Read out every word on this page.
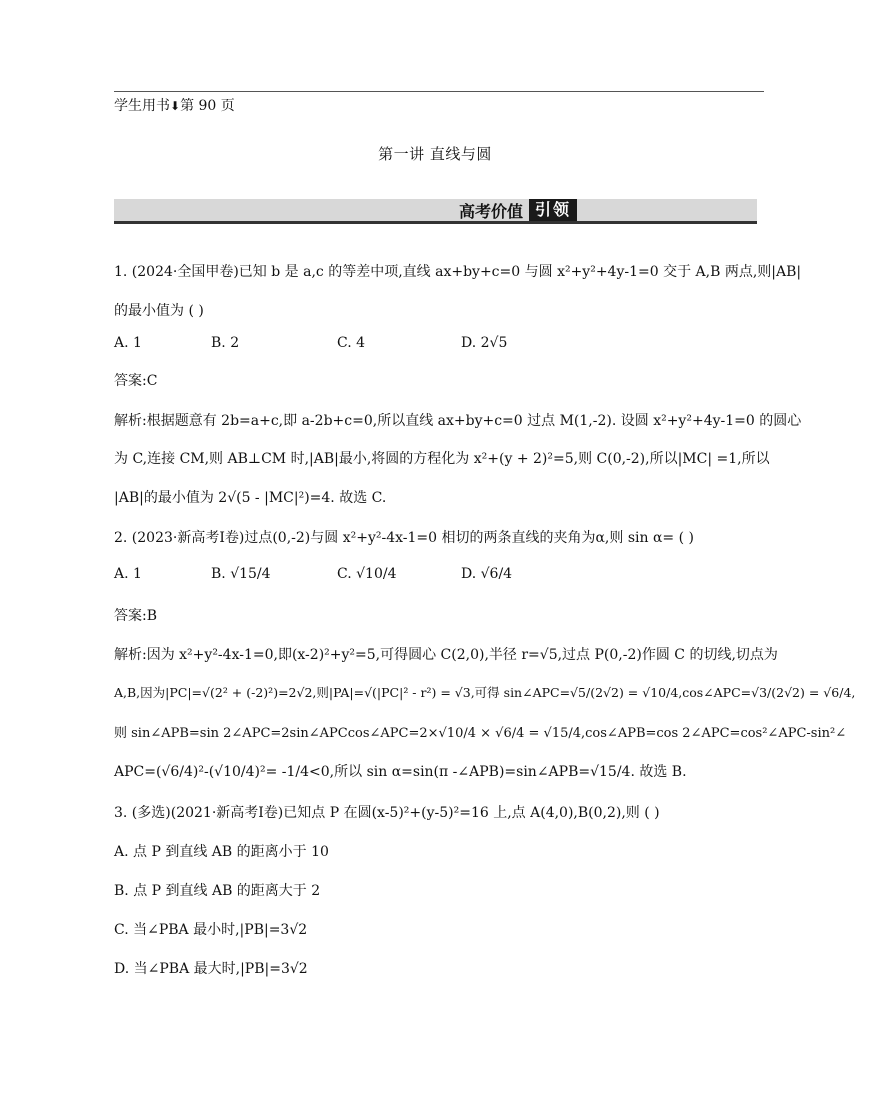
学生用书⬇第 90 页
第一讲 直线与圆
高考价值 引领
1. (2024·全国甲卷)已知 b 是 a,c 的等差中项,直线 ax+by+c=0 与圆 x²+y²+4y-1=0 交于 A,B 两点,则|AB|
的最小值为 ( )
A. 1	B. 2	C. 4	D. 2√5
答案:C
解析:根据题意有 2b=a+c,即 a-2b+c=0,所以直线 ax+by+c=0 过点 M(1,-2). 设圆 x²+y²+4y-1=0 的圆心
为 C,连接 CM,则 AB⊥CM 时,|AB|最小,将圆的方程化为 x²+(y + 2)²=5,则 C(0,-2),所以|MC| =1,所以
|AB|的最小值为 2√(5 - |MC|²)=4. 故选 C.
2. (2023·新高考Ⅰ卷)过点(0,-2)与圆 x²+y²-4x-1=0 相切的两条直线的夹角为α,则 sin α= ( )
A. 1	B. √15/4	C. √10/4	D. √6/4
答案:B
解析:因为 x²+y²-4x-1=0,即(x-2)²+y²=5,可得圆心 C(2,0),半径 r=√5,过点 P(0,-2)作圆 C 的切线,切点为
A,B,因为|PC|=√(2² + (-2)²)=2√2,则|PA|=√(|PC|² - r²) = √3,可得 sin∠APC=√5/(2√2) = √10/4,cos∠APC=√3/(2√2) = √6/4,
则 sin∠APB=sin 2∠APC=2sin∠APCcos∠APC=2×√10/4 × √6/4 = √15/4,cos∠APB=cos 2∠APC=cos²∠APC-sin²∠
APC=(√6/4)²-(√10/4)²= -1/4<0,所以 sin α=sin(π -∠APB)=sin∠APB=√15/4. 故选 B.
3. (多选)(2021·新高考Ⅰ卷)已知点 P 在圆(x-5)²+(y-5)²=16 上,点 A(4,0),B(0,2),则 ( )
A. 点 P 到直线 AB 的距离小于 10
B. 点 P 到直线 AB 的距离大于 2
C. 当∠PBA 最小时,|PB|=3√2
D. 当∠PBA 最大时,|PB|=3√2
